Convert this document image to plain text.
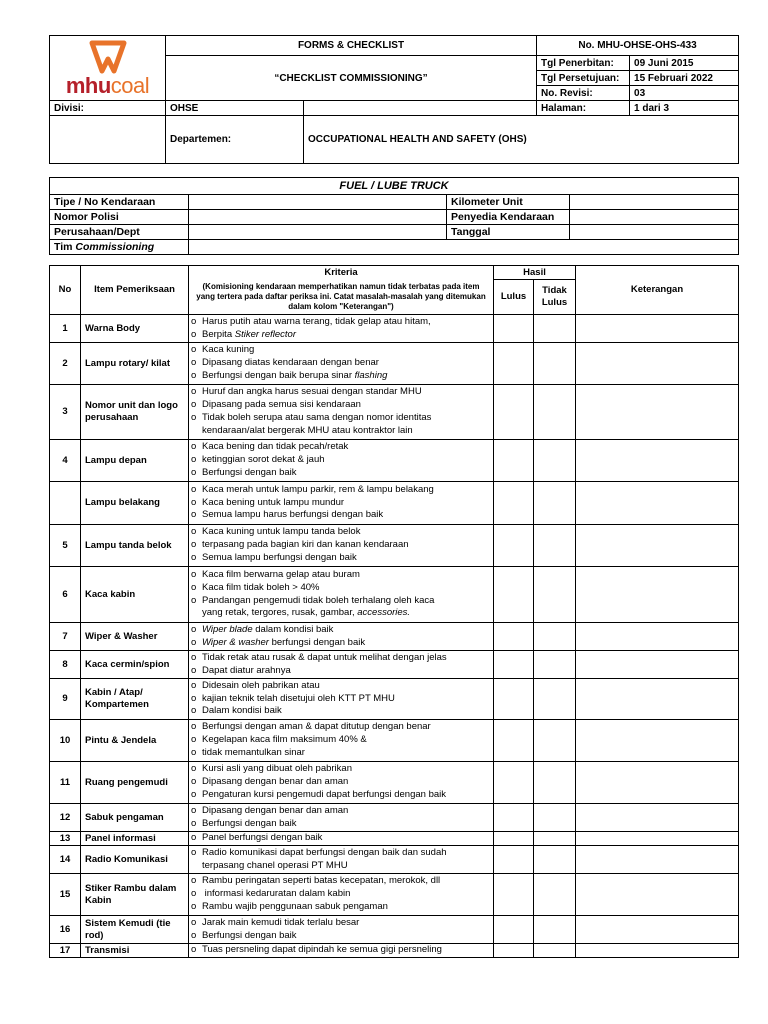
mhucoal	FORMS & CHECKLIST		No. MHU-OHSE-OHS-433	
	“CHECKLIST COMMISSIONING”		Tgl Penerbitan:	09 Juni 2015
			Tgl Persetujuan:	15 Februari 2022
			No. Revisi:	03
Divisi:	OHSE		Halaman:	1 dari 3
	Departemen:	OCCUPATIONAL HEALTH AND SAFETY (OHS)		
FUEL / LUBE TRUCK			
Tipe / No Kendaraan		Kilometer Unit	
Nomor Polisi		Penyedia Kendaraan	
Perusahaan/Dept		Tanggal	
Tim Commissioning			
No	Item Pemeriksaan	Kriteria	Hasil		Keterangan
		(Komisioning kendaraan memperhatikan namun tidak terbatas pada item yang tertera pada daftar periksa ini. Catat masalah-masalah yang ditemukan dalam kolom "Keterangan")	Lulus	Tidak Lulus	
1	Warna Body	o Harus putih atau warna terang, tidak gelap atau hitam,
o Berpita Stiker reflector			

2	Lampu rotary/ kilat	o Kaca kuning
o Dipasang diatas kendaraan dengan benar
o Berfungsi dengan baik berupa sinar flashing			

3	Nomor unit dan logo perusahaan	o Huruf dan angka harus sesuai dengan standar MHU
o Dipasang pada semua sisi kendaraan
o Tidak boleh serupa atau sama dengan nomor identitas
kendaraan/alat bergerak MHU atau kontraktor lain			

4	Lampu depan	o Kaca bening dan tidak pecah/retak
o ketinggian sorot dekat & jauh
o Berfungsi dengan baik			

	Lampu belakang	o Kaca merah untuk lampu parkir, rem & lampu belakang
o Kaca bening untuk lampu mundur
o Semua lampu harus berfungsi dengan baik			

5	Lampu tanda belok	o Kaca kuning untuk lampu tanda belok
o terpasang pada bagian kiri dan kanan kendaraan
o Semua lampu berfungsi dengan baik			

6	Kaca kabin	o Kaca film berwarna gelap atau buram
o Kaca film tidak boleh > 40%
o Pandangan pengemudi tidak boleh terhalang oleh kaca
yang retak, tergores, rusak, gambar, accessories.			

7	Wiper & Washer	o Wiper blade dalam kondisi baik
o Wiper & washer berfungsi dengan baik			

8	Kaca cermin/spion	o Tidak retak atau rusak & dapat untuk melihat dengan jelas
o Dapat diatur arahnya			

9	Kabin / Atap/ Kompartemen	o Didesain oleh pabrikan atau
o kajian teknik telah disetujui oleh KTT PT MHU
o Dalam kondisi baik			

10	Pintu & Jendela	o Berfungsi dengan aman & dapat ditutup dengan benar
o Kegelapan kaca film maksimum 40% &
o tidak memantulkan sinar			

11	Ruang pengemudi	o Kursi asli yang dibuat oleh pabrikan
o Dipasang dengan benar dan aman
o Pengaturan kursi pengemudi dapat berfungsi dengan baik			

12	Sabuk pengaman	o Dipasang dengan benar dan aman
o Berfungsi dengan baik			

13	Panel informasi	o Panel berfungsi dengan baik			

14	Radio Komunikasi	o Radio komunikasi dapat berfungsi dengan baik dan sudah
terpasang chanel operasi PT MHU			

15	Stiker Rambu dalam Kabin	o Rambu peringatan seperti batas kecepatan, merokok, dll
o informasi kedaruratan dalam kabin
o Rambu wajib penggunaan sabuk pengaman			

16	Sistem Kemudi (tie rod)	o Jarak main kemudi tidak terlalu besar
o Berfungsi dengan baik			

17	Transmisi	o Tuas persneling dapat dipindah ke semua gigi persneling			
